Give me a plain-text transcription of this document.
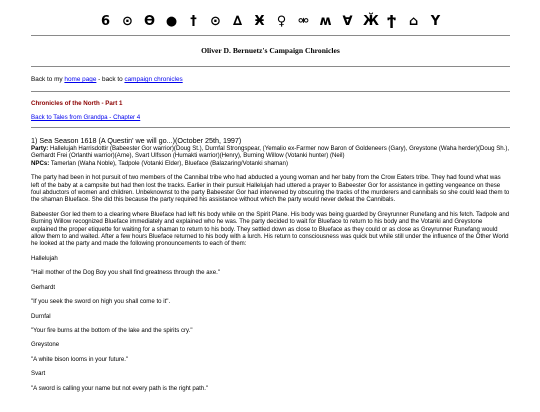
6 ⊙ Ɵ ● † ⊙ ∆ Ӿ ♀ ⚮ ʍ ∀ Ӂ Ϯ ⌂ Y
Oliver D. Bernuetz's Campaign Chronicles
Back to my home page - back to campaign chronicles
Chronicles of the North - Part 1
Back to Tales from Grandpa - Chapter 4
1) Sea Season 1618 (A Questin' we will go...)(October 25th, 1997)
Party: Hallelujah Harrisdottir (Babeester Gor warrior)(Doug St.), Durnfal Strongspear, (Yemalio ex-Farmer now Baron of Goldeneers (Gary), Greystone (Waha herder)(Doug Sh.), Gerhardt Frei (Orlanthi warrior)(Arne), Svart Ulfsson (Humakti warrior)(Henry), Burning Willow (Votanki hunter) (Neil)
NPCs: Tamerlan (Waha Noble), Tadpole (Votanki Elder), Blueface (Balazaring/Votanki shaman)

The party had been in hot pursuit of two members of the Cannibal tribe who had abducted a young woman and her baby from the Crow Eaters tribe. They had found what was left of the baby at a campsite but had then lost the tracks. Earlier in their pursuit Hallelujah had uttered a prayer to Babeester Gor for assistance in getting vengeance on these foul abductors of women and children. Unbeknownst to the party Babeester Gor had intervened by obscuring the tracks of the murderers and cannibals so she could lead them to the shaman Blueface. She did this because the party required his assistance without which the party would never defeat the Cannibals.

Babeester Gor led them to a clearing where Blueface had left his body while on the Spirit Plane. His body was being guarded by Greyrunner Runefang and his fetch. Tadpole and Burning Willow recognized Blueface immediately and explained who he was. The party decided to wait for Blueface to return to his body and the Votanki and Greystone explained the proper etiquette for waiting for a shaman to return to his body. They settled down as close to Blueface as they could or as close as Greyrunner Runefang would allow them to and waited. After a few hours Blueface returned to his body with a lurch. His return to consciousness was quick but while still under the influence of the Other World he looked at the party and made the following pronouncements to each of them:

Hallelujah

"Hail mother of the Dog Boy you shall find greatness through the axe."

Gerhardt

"If you seek the sword on high you shall come to it".

Durnfal

"Your fire burns at the bottom of the lake and the spirits cry."

Greystone

"A white bison looms in your future."

Svart

"A sword is calling your name but not every path is the right path."
